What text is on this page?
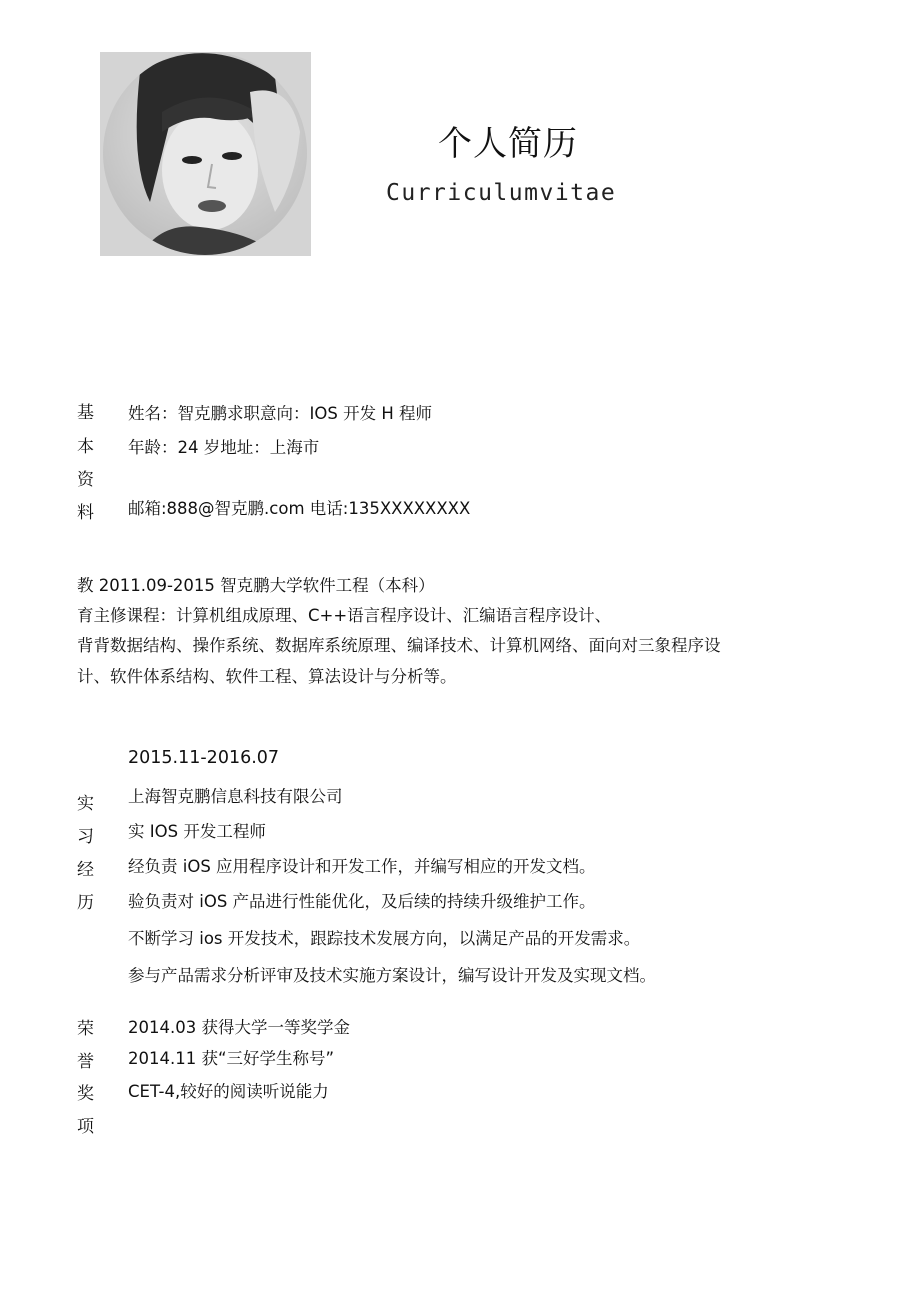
个人简历
Curriculumvitae
基
本
资
料
姓名：智克鹏求职意向：IOS 开发 H 程师
年龄：24 岁地址：上海市
邮箱:888@智克鹏.com 电话:135XXXXXXXX
教 2011.09-2015 智克鹏大学软件工程（本科）
育主修课程：计算机组成原理、C++语言程序设计、汇编语言程序设计、
背背数据结构、操作系统、数据库系统原理、编译技术、计算机网络、面向对三象程序设
计、软件体系结构、软件工程、算法设计与分析等。
2015.11-2016.07
实
习
经
历
上海智克鹏信息科技有限公司
实 IOS 开发工程师
经负责 iOS 应用程序设计和开发工作，并编写相应的开发文档。
验负责对 iOS 产品进行性能优化，及后续的持续升级维护工作。
不断学习 ios 开发技术，跟踪技术发展方向，以满足产品的开发需求。
参与产品需求分析评审及技术实施方案设计，编写设计开发及实现文档。
荣
誉
奖
项
2014.03 获得大学一等奖学金
2014.11 获“三好学生称号”
CET-4,较好的阅读听说能力
